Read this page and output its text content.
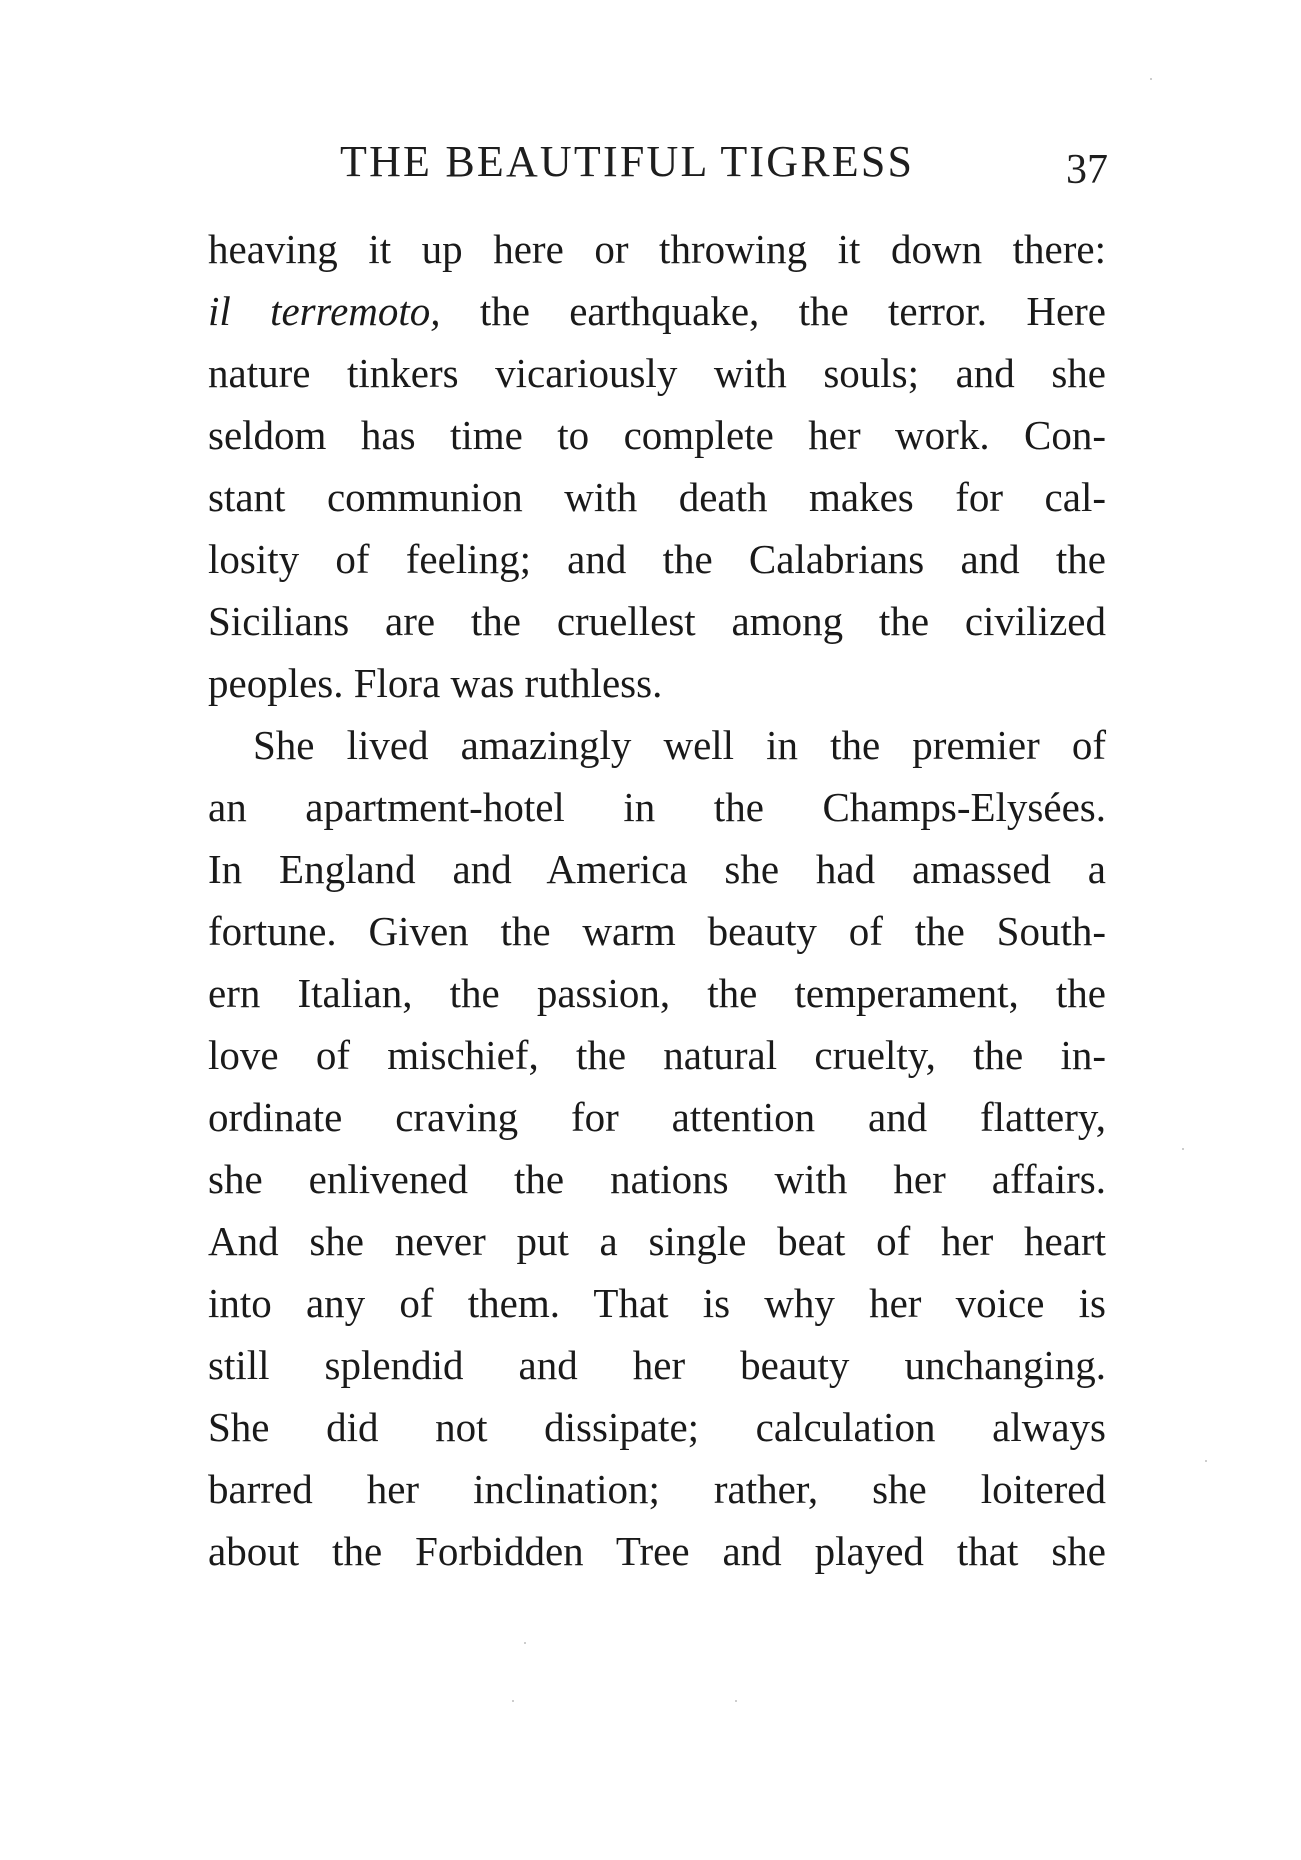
THE BEAUTIFUL TIGRESS	37
heaving it up here or throwing it down there:
il terremoto, the earthquake, the terror. Here
nature tinkers vicariously with souls; and she
seldom has time to complete her work. Con-
stant communion with death makes for cal-
losity of feeling; and the Calabrians and the
Sicilians are the cruellest among the civilized
peoples. Flora was ruthless.
She lived amazingly well in the premier of
an apartment-hotel in the Champs-Elysées.
In England and America she had amassed a
fortune. Given the warm beauty of the South-
ern Italian, the passion, the temperament, the
love of mischief, the natural cruelty, the in-
ordinate craving for attention and flattery,
she enlivened the nations with her affairs.
And she never put a single beat of her heart
into any of them. That is why her voice is
still splendid and her beauty unchanging.
She did not dissipate; calculation always
barred her inclination; rather, she loitered
about the Forbidden Tree and played that she
